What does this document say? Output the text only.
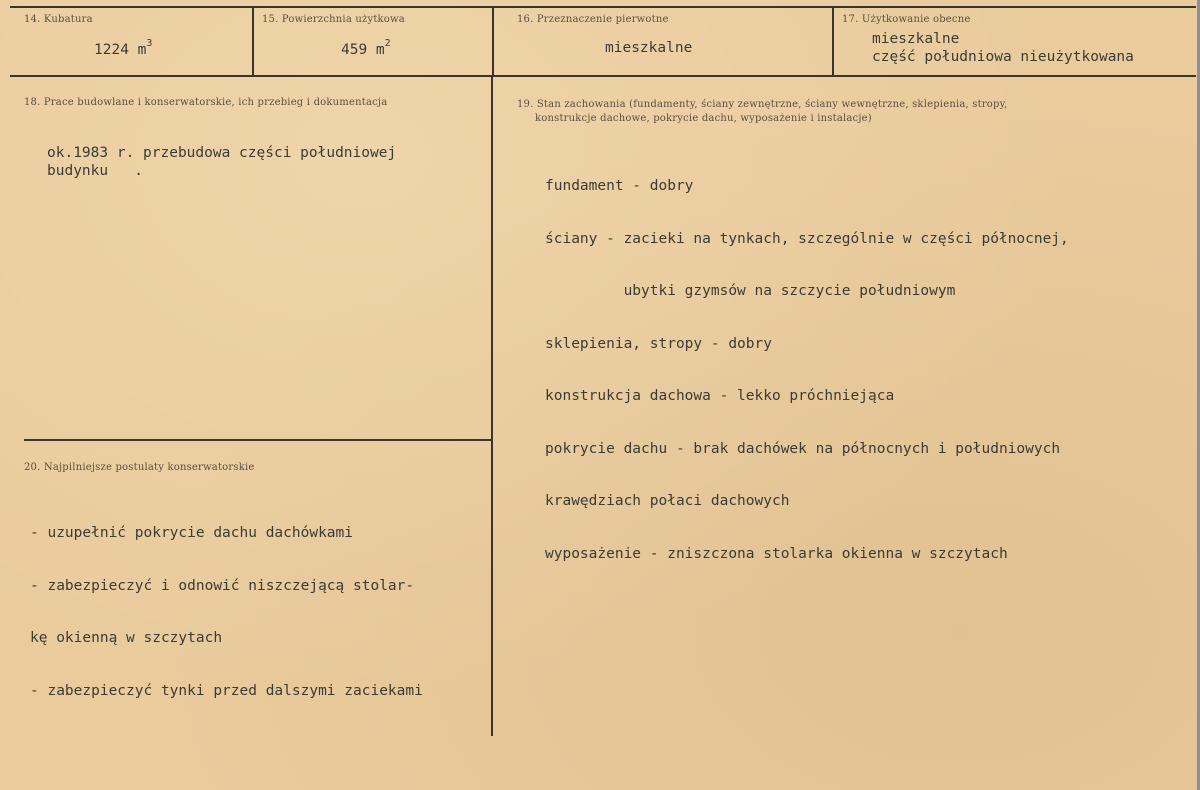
14. Kubatura
1224 $m^3$
15. Powierzchnia użytkowa
459 $m^2$
16. Przeznaczenie pierwotne
mieszkalne
17. Użytkowanie obecne
mieszkalne
część południowa nieużytkowana
18. Prace budowlane i konserwatorskie, ich przebieg i dokumentacja
ok.1983 r. przebudowa części południowej
budynku   .
19. Stan zachowania (fundamenty, ściany zewnętrzne, ściany wewnętrzne, sklepienia, stropy,
konstrukcje dachowe, pokrycie dachu, wyposażenie i instalacje)

fundament - dobry

ściany - zacieki na tynkach, szczególnie w części północnej,

ubytki gzymsów na szczycie południowym

sklepienia, stropy - dobry

konstrukcja dachowa - lekko próchniejąca

pokrycie dachu - brak dachówek na północnych i południowych

krawędziach połaci dachowych

wyposażenie - zniszczona stolarka okienna w szczytach

20. Najpilniejsze postulaty konserwatorskie

- uzupełnić pokrycie dachu dachówkami

- zabezpieczyć i odnowić niszczejącą stolar-

kę okienną w szczytach

- zabezpieczyć tynki przed dalszymi zaciekami
